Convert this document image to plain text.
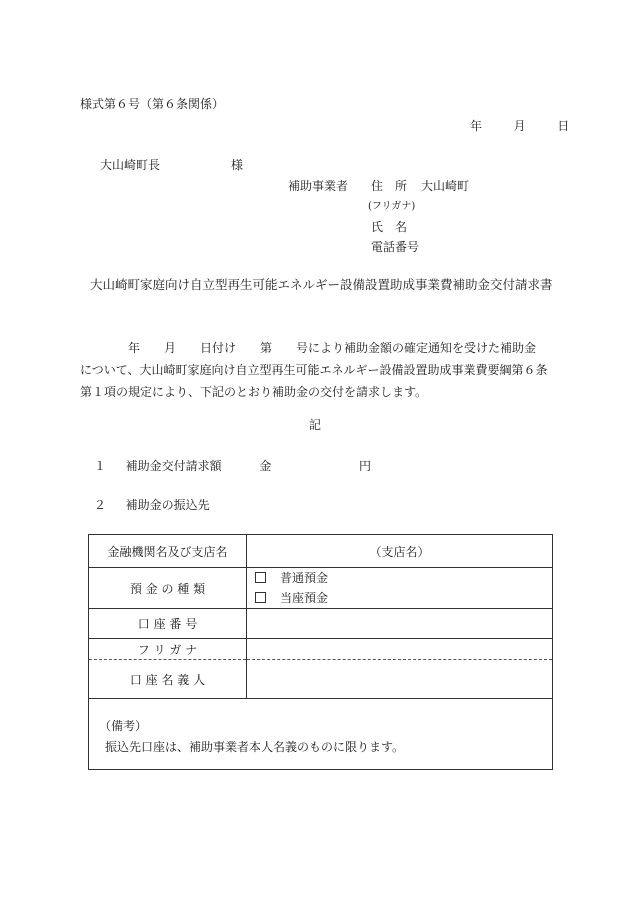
様式第６号（第６条関係）
年	月	日
大山崎町長	様
補助事業者 住　所 大山崎町
(フリガナ)
氏　名
電話番号
大山崎町家庭向け自立型再生可能エネルギー設備設置助成事業費補助金交付請求書
　　　　年　　月　　日付け　　第　　号により補助金額の確定通知を受けた補助金
について、大山崎町家庭向け自立型再生可能エネルギー設備設置助成事業費要綱第６条
第１項の規定により、下記のとおり補助金の交付を請求します。
記
１ 補助金交付請求額	金	円
２ 補助金の振込先
金融機関名及び支店名	（支店名）
預 金 の 種 類	普通預金
当座預金

口 座 番 号	
フ リ ガ ナ	
口 座 名 義 人	

（備考）
振込先口座は、補助事業者本人名義のものに限ります。	
